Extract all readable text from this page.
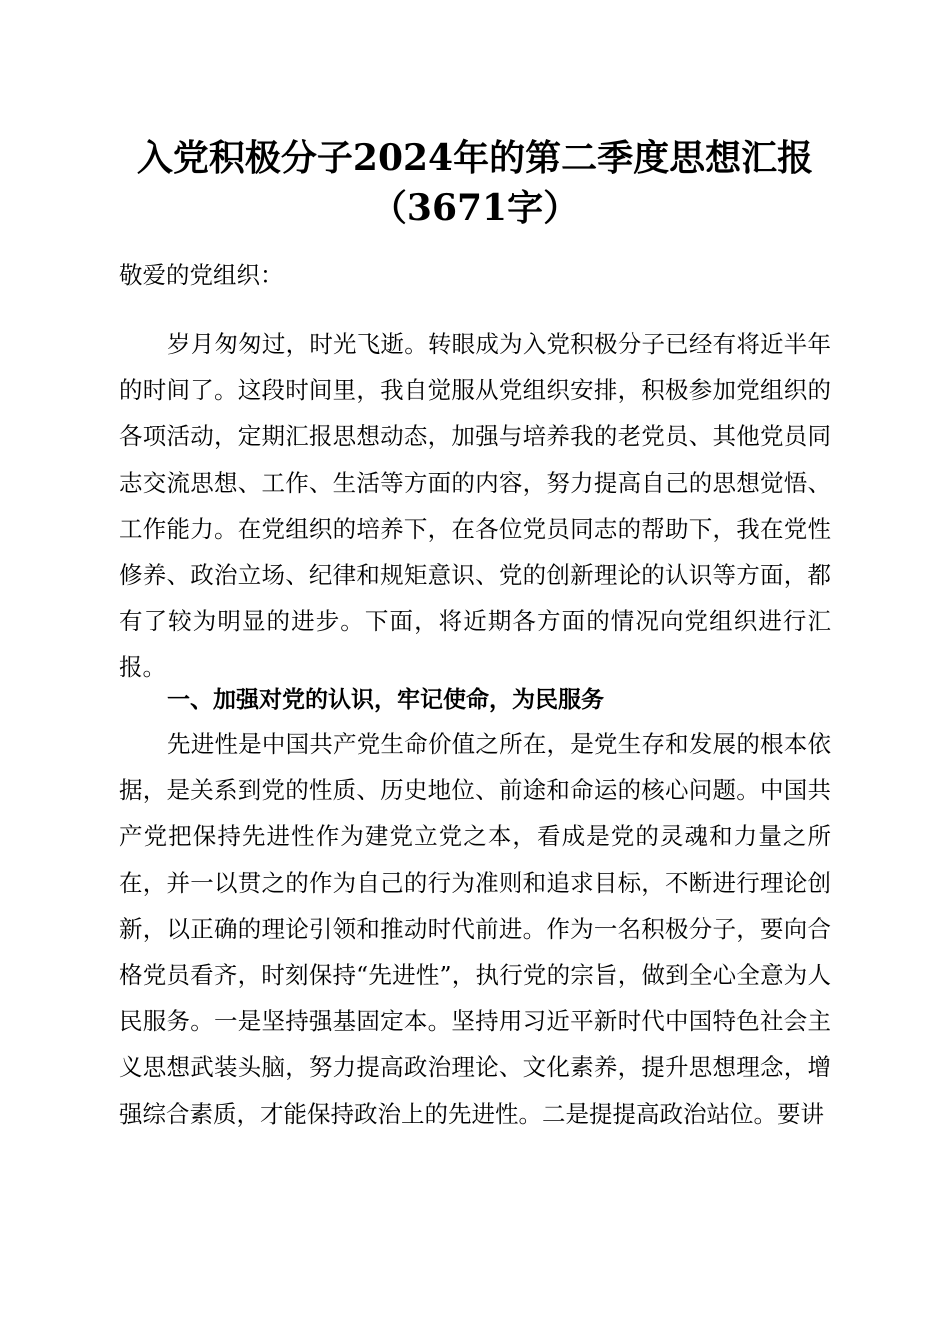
入党积极分子2024年的第二季度思想汇报
（3671字）

敬爱的党组织：

岁月匆匆过，时光飞逝。转眼成为入党积极分子已经有将近半年的时间了。这段时间里，我自觉服从党组织安排，积极参加党组织的各项活动，定期汇报思想动态，加强与培养我的老党员、其他党员同志交流思想、工作、生活等方面的内容，努力提高自己的思想觉悟、工作能力。在党组织的培养下，在各位党员同志的帮助下，我在党性修养、政治立场、纪律和规矩意识、党的创新理论的认识等方面，都有了较为明显的进步。下面，将近期各方面的情况向党组织进行汇报。

一、加强对党的认识，牢记使命，为民服务

先进性是中国共产党生命价值之所在，是党生存和发展的根本依据，是关系到党的性质、历史地位、前途和命运的核心问题。中国共产党把保持先进性作为建党立党之本，看成是党的灵魂和力量之所在，并一以贯之的作为自己的行为准则和追求目标，不断进行理论创新，以正确的理论引领和推动时代前进。作为一名积极分子，要向合格党员看齐，时刻保持“先进性”，执行党的宗旨，做到全心全意为人民服务。一是坚持强基固定本。坚持用习近平新时代中国特色社会主义思想武装头脑，努力提高政治理论、文化素养，提升思想理念，增强综合素质，才能保持政治上的先进性。二是提提高政治站位。要讲
